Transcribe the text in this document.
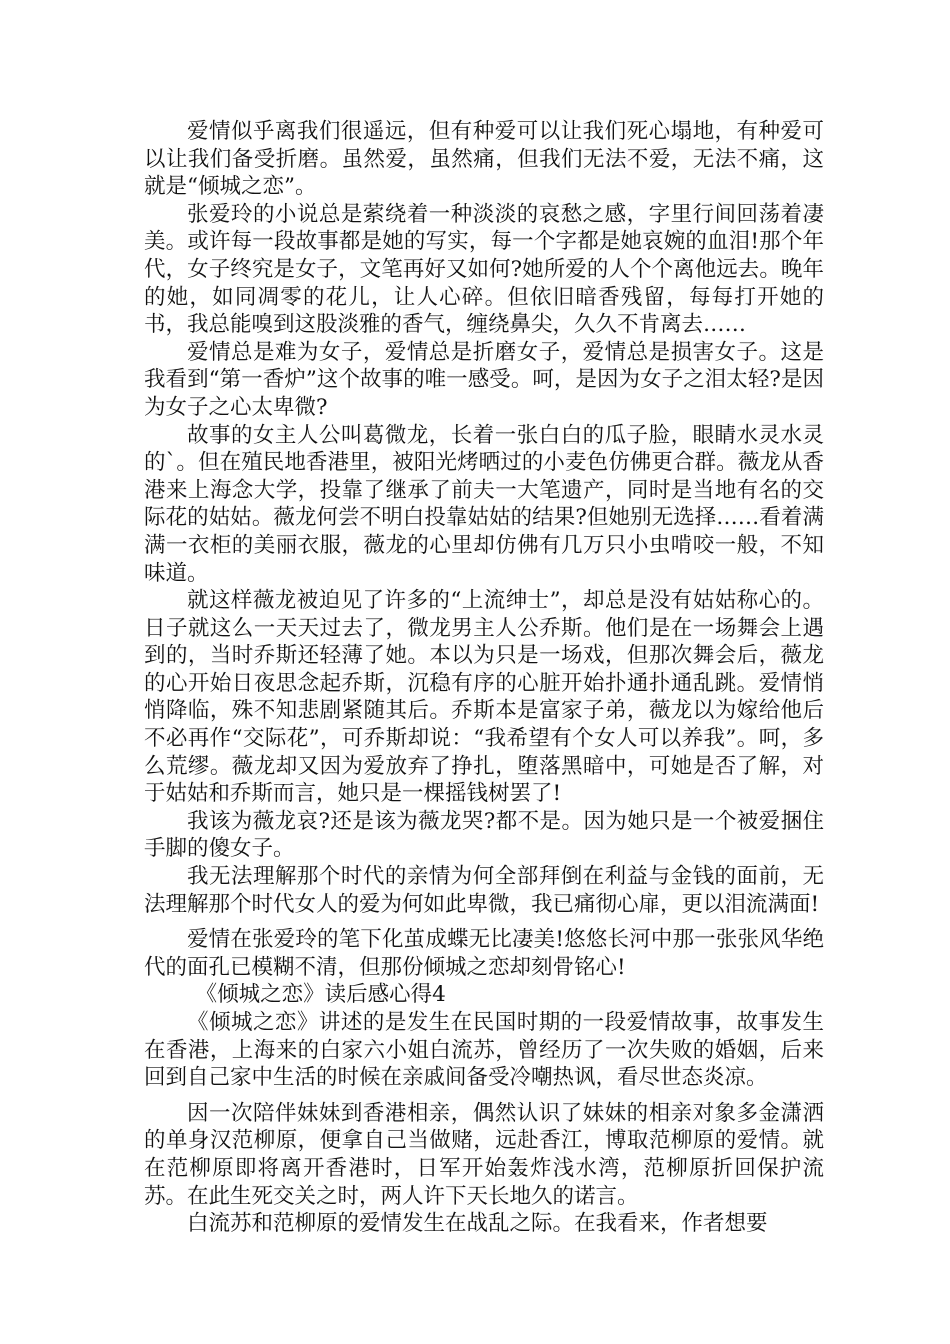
爱情似乎离我们很遥远，但有种爱可以让我们死心塌地，有种爱可以让我们备受折磨。虽然爱，虽然痛，但我们无法不爱，无法不痛，这就是“倾城之恋”。

张爱玲的小说总是萦绕着一种淡淡的哀愁之感，字里行间回荡着凄美。或许每一段故事都是她的写实，每一个字都是她哀婉的血泪!那个年代，女子终究是女子，文笔再好又如何?她所爱的人个个离他远去。晚年的她，如同凋零的花儿，让人心碎。但依旧暗香残留，每每打开她的书，我总能嗅到这股淡雅的香气，缠绕鼻尖，久久不肯离去……

爱情总是难为女子，爱情总是折磨女子，爱情总是损害女子。这是我看到“第一香炉”这个故事的唯一感受。呵，是因为女子之泪太轻?是因为女子之心太卑微?

故事的女主人公叫葛微龙，长着一张白白的瓜子脸，眼睛水灵水灵的`。但在殖民地香港里，被阳光烤晒过的小麦色仿佛更合群。薇龙从香港来上海念大学，投靠了继承了前夫一大笔遗产，同时是当地有名的交际花的姑姑。薇龙何尝不明白投靠姑姑的结果?但她别无选择……看着满满一衣柜的美丽衣服，薇龙的心里却仿佛有几万只小虫啃咬一般，不知味道。

就这样薇龙被迫见了许多的“上流绅士”，却总是没有姑姑称心的。日子就这么一天天过去了，微龙男主人公乔斯。他们是在一场舞会上遇到的，当时乔斯还轻薄了她。本以为只是一场戏，但那次舞会后，薇龙的心开始日夜思念起乔斯，沉稳有序的心脏开始扑通扑通乱跳。爱情悄悄降临，殊不知悲剧紧随其后。乔斯本是富家子弟，薇龙以为嫁给他后不必再作“交际花”，可乔斯却说：“我希望有个女人可以养我”。呵，多么荒缪。薇龙却又因为爱放弃了挣扎，堕落黑暗中，可她是否了解，对于姑姑和乔斯而言，她只是一棵摇钱树罢了!

我该为薇龙哀?还是该为薇龙哭?都不是。因为她只是一个被爱捆住手脚的傻女子。

我无法理解那个时代的亲情为何全部拜倒在利益与金钱的面前，无法理解那个时代女人的爱为何如此卑微，我已痛彻心扉，更以泪流满面!

爱情在张爱玲的笔下化茧成蝶无比凄美!悠悠长河中那一张张风华绝代的面孔已模糊不清，但那份倾城之恋却刻骨铭心!

《倾城之恋》读后感心得4

《倾城之恋》讲述的是发生在民国时期的一段爱情故事，故事发生在香港，上海来的白家六小姐白流苏，曾经历了一次失败的婚姻，后来回到自己家中生活的时候在亲戚间备受冷嘲热讽，看尽世态炎凉。

因一次陪伴妹妹到香港相亲，偶然认识了妹妹的相亲对象多金潇洒的单身汉范柳原，便拿自己当做赌，远赴香江，博取范柳原的爱情。就在范柳原即将离开香港时，日军开始轰炸浅水湾，范柳原折回保护流苏。在此生死交关之时，两人许下天长地久的诺言。

白流苏和范柳原的爱情发生在战乱之际。在我看来，作者想要
